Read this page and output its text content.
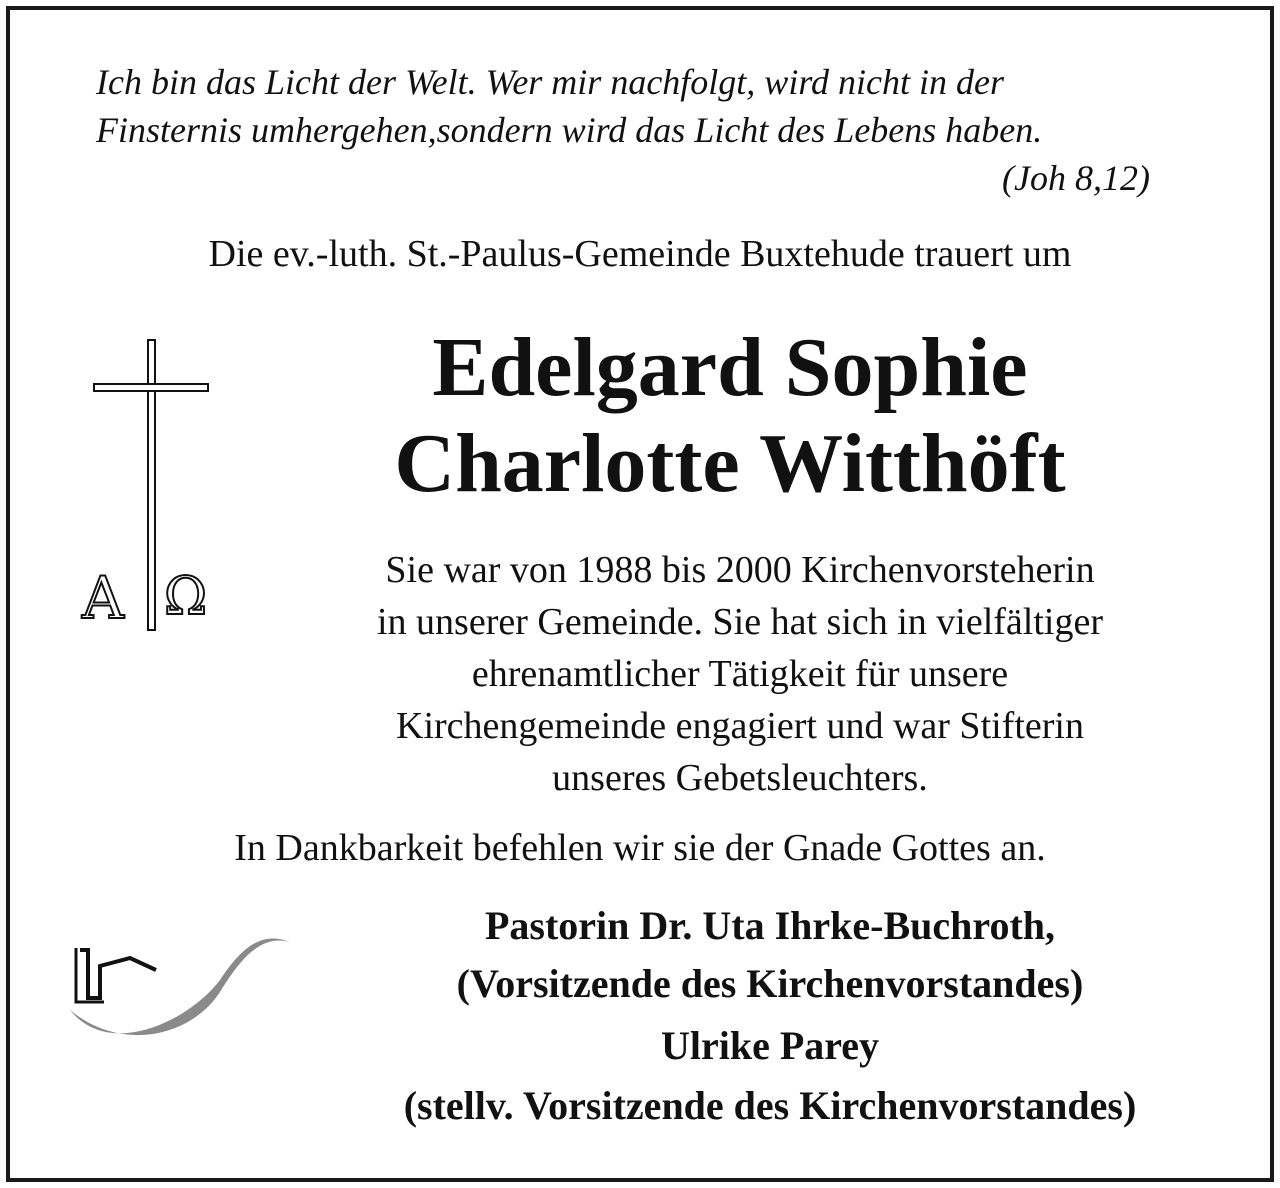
Ich bin das Licht der Welt. Wer mir nachfolgt, wird nicht in der
Finsternis umhergehen,sondern wird das Licht des Lebens haben.
(Joh 8,12)
Die ev.-luth. St.-Paulus-Gemeinde Buxtehude trauert um
A Ω
Edelgard Sophie
Charlotte Witthöft
Sie war von 1988 bis 2000 Kirchenvorsteherin
in unserer Gemeinde. Sie hat sich in vielfältiger
ehrenamtlicher Tätigkeit für unsere
Kirchengemeinde engagiert und war Stifterin
unseres Gebetsleuchters.
In Dankbarkeit befehlen wir sie der Gnade Gottes an.
Pastorin Dr. Uta Ihrke-Buchroth,
(Vorsitzende des Kirchenvorstandes)
Ulrike Parey
(stellv. Vorsitzende des Kirchenvorstandes)
